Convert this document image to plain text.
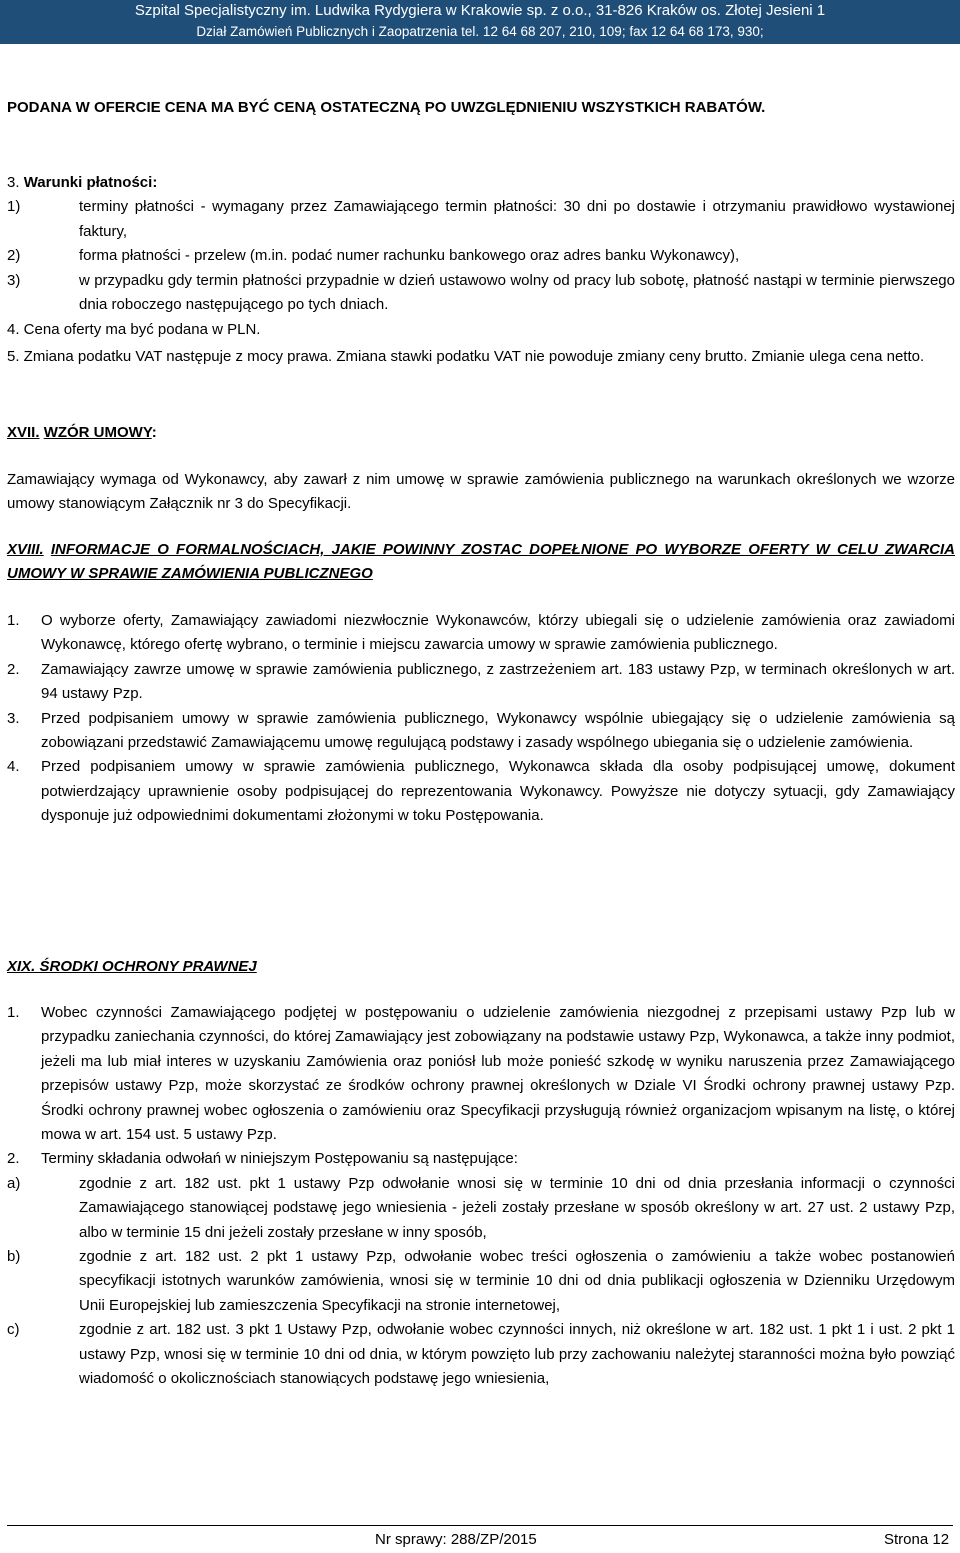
Szpital Specjalistyczny im. Ludwika Rydygiera w Krakowie sp. z o.o., 31-826 Kraków os. Złotej Jesieni 1
Dział Zamówień Publicznych i Zaopatrzenia tel. 12 64 68 207, 210, 109; fax 12 64 68 173, 930;
PODANA W OFERCIE CENA MA BYĆ CENĄ OSTATECZNĄ PO UWZGLĘDNIENIU WSZYSTKICH RABATÓW.
3. Warunki płatności:
1)	terminy płatności - wymagany przez Zamawiającego termin płatności: 30 dni po dostawie i otrzymaniu prawidłowo wystawionej faktury,
2)	forma płatności - przelew (m.in. podać numer rachunku bankowego oraz adres banku Wykonawcy),
3)	w przypadku gdy termin płatności przypadnie w dzień ustawowo wolny od pracy lub sobotę, płatność nastąpi w terminie pierwszego dnia roboczego następującego po tych dniach.
4. Cena oferty ma być podana w PLN.
5. Zmiana podatku VAT następuje z mocy prawa. Zmiana stawki podatku VAT nie powoduje zmiany ceny brutto. Zmianie ulega cena netto.
XVII. WZÓR UMOWY:
Zamawiający wymaga od Wykonawcy, aby zawarł z nim umowę w sprawie zamówienia publicznego na warunkach określonych we wzorze umowy stanowiącym Załącznik nr 3 do Specyfikacji.
XVIII. INFORMACJE O FORMALNOŚCIACH, JAKIE POWINNY ZOSTAC DOPEŁNIONE PO WYBORZE OFERTY W CELU ZWARCIA UMOWY W SPRAWIE ZAMÓWIENIA PUBLICZNEGO
1. O wyborze oferty, Zamawiający zawiadomi niezwłocznie Wykonawców, którzy ubiegali się o udzielenie zamówienia oraz zawiadomi Wykonawcę, którego ofertę wybrano, o terminie i miejscu zawarcia umowy w sprawie zamówienia publicznego.
2. Zamawiający zawrze umowę w sprawie zamówienia publicznego, z zastrzeżeniem art. 183 ustawy Pzp, w terminach określonych w art. 94 ustawy Pzp.
3. Przed podpisaniem umowy w sprawie zamówienia publicznego, Wykonawcy wspólnie ubiegający się o udzielenie zamówienia są zobowiązani przedstawić Zamawiającemu umowę regulującą podstawy i zasady wspólnego ubiegania się o udzielenie zamówienia.
4. Przed podpisaniem umowy w sprawie zamówienia publicznego, Wykonawca składa dla osoby podpisującej umowę, dokument potwierdzający uprawnienie osoby podpisującej do reprezentowania Wykonawcy. Powyższe nie dotyczy sytuacji, gdy Zamawiający dysponuje już odpowiednimi dokumentami złożonymi w toku Postępowania.
XIX. ŚRODKI OCHRONY PRAWNEJ
1. Wobec czynności Zamawiającego podjętej w postępowaniu o udzielenie zamówienia niezgodnej z przepisami ustawy Pzp lub w przypadku zaniechania czynności, do której Zamawiający jest zobowiązany na podstawie ustawy Pzp, Wykonawca, a także inny podmiot, jeżeli ma lub miał interes w uzyskaniu Zamówienia oraz poniósł lub może ponieść szkodę w wyniku naruszenia przez Zamawiającego przepisów ustawy Pzp, może skorzystać ze środków ochrony prawnej określonych w Dziale VI Środki ochrony prawnej ustawy Pzp. Środki ochrony prawnej wobec ogłoszenia o zamówieniu oraz Specyfikacji przysługują również organizacjom wpisanym na listę, o której mowa w art. 154 ust. 5 ustawy Pzp.
2. Terminy składania odwołań w niniejszym Postępowaniu są następujące:
a)	zgodnie z art. 182 ust. pkt 1 ustawy Pzp odwołanie wnosi się w terminie 10 dni od dnia przesłania informacji o czynności Zamawiającego stanowiącej podstawę jego wniesienia - jeżeli zostały przesłane w sposób określony w art. 27 ust. 2 ustawy Pzp, albo w terminie 15 dni jeżeli zostały przesłane w inny sposób,
b)	zgodnie z art. 182 ust. 2 pkt 1 ustawy Pzp, odwołanie wobec treści ogłoszenia o zamówieniu a także wobec postanowień specyfikacji istotnych warunków zamówienia, wnosi się w terminie 10 dni od dnia publikacji ogłoszenia w Dzienniku Urzędowym Unii Europejskiej lub zamieszczenia Specyfikacji na stronie internetowej,
c)	zgodnie z art. 182 ust. 3 pkt 1 Ustawy Pzp, odwołanie wobec czynności innych, niż określone w art. 182 ust. 1 pkt 1 i ust. 2 pkt 1 ustawy Pzp, wnosi się w terminie 10 dni od dnia, w którym powzięto lub przy zachowaniu należytej staranności można było powziąć wiadomość o okolicznościach stanowiących podstawę jego wniesienia,
Nr sprawy: 288/ZP/2015	Strona 12
